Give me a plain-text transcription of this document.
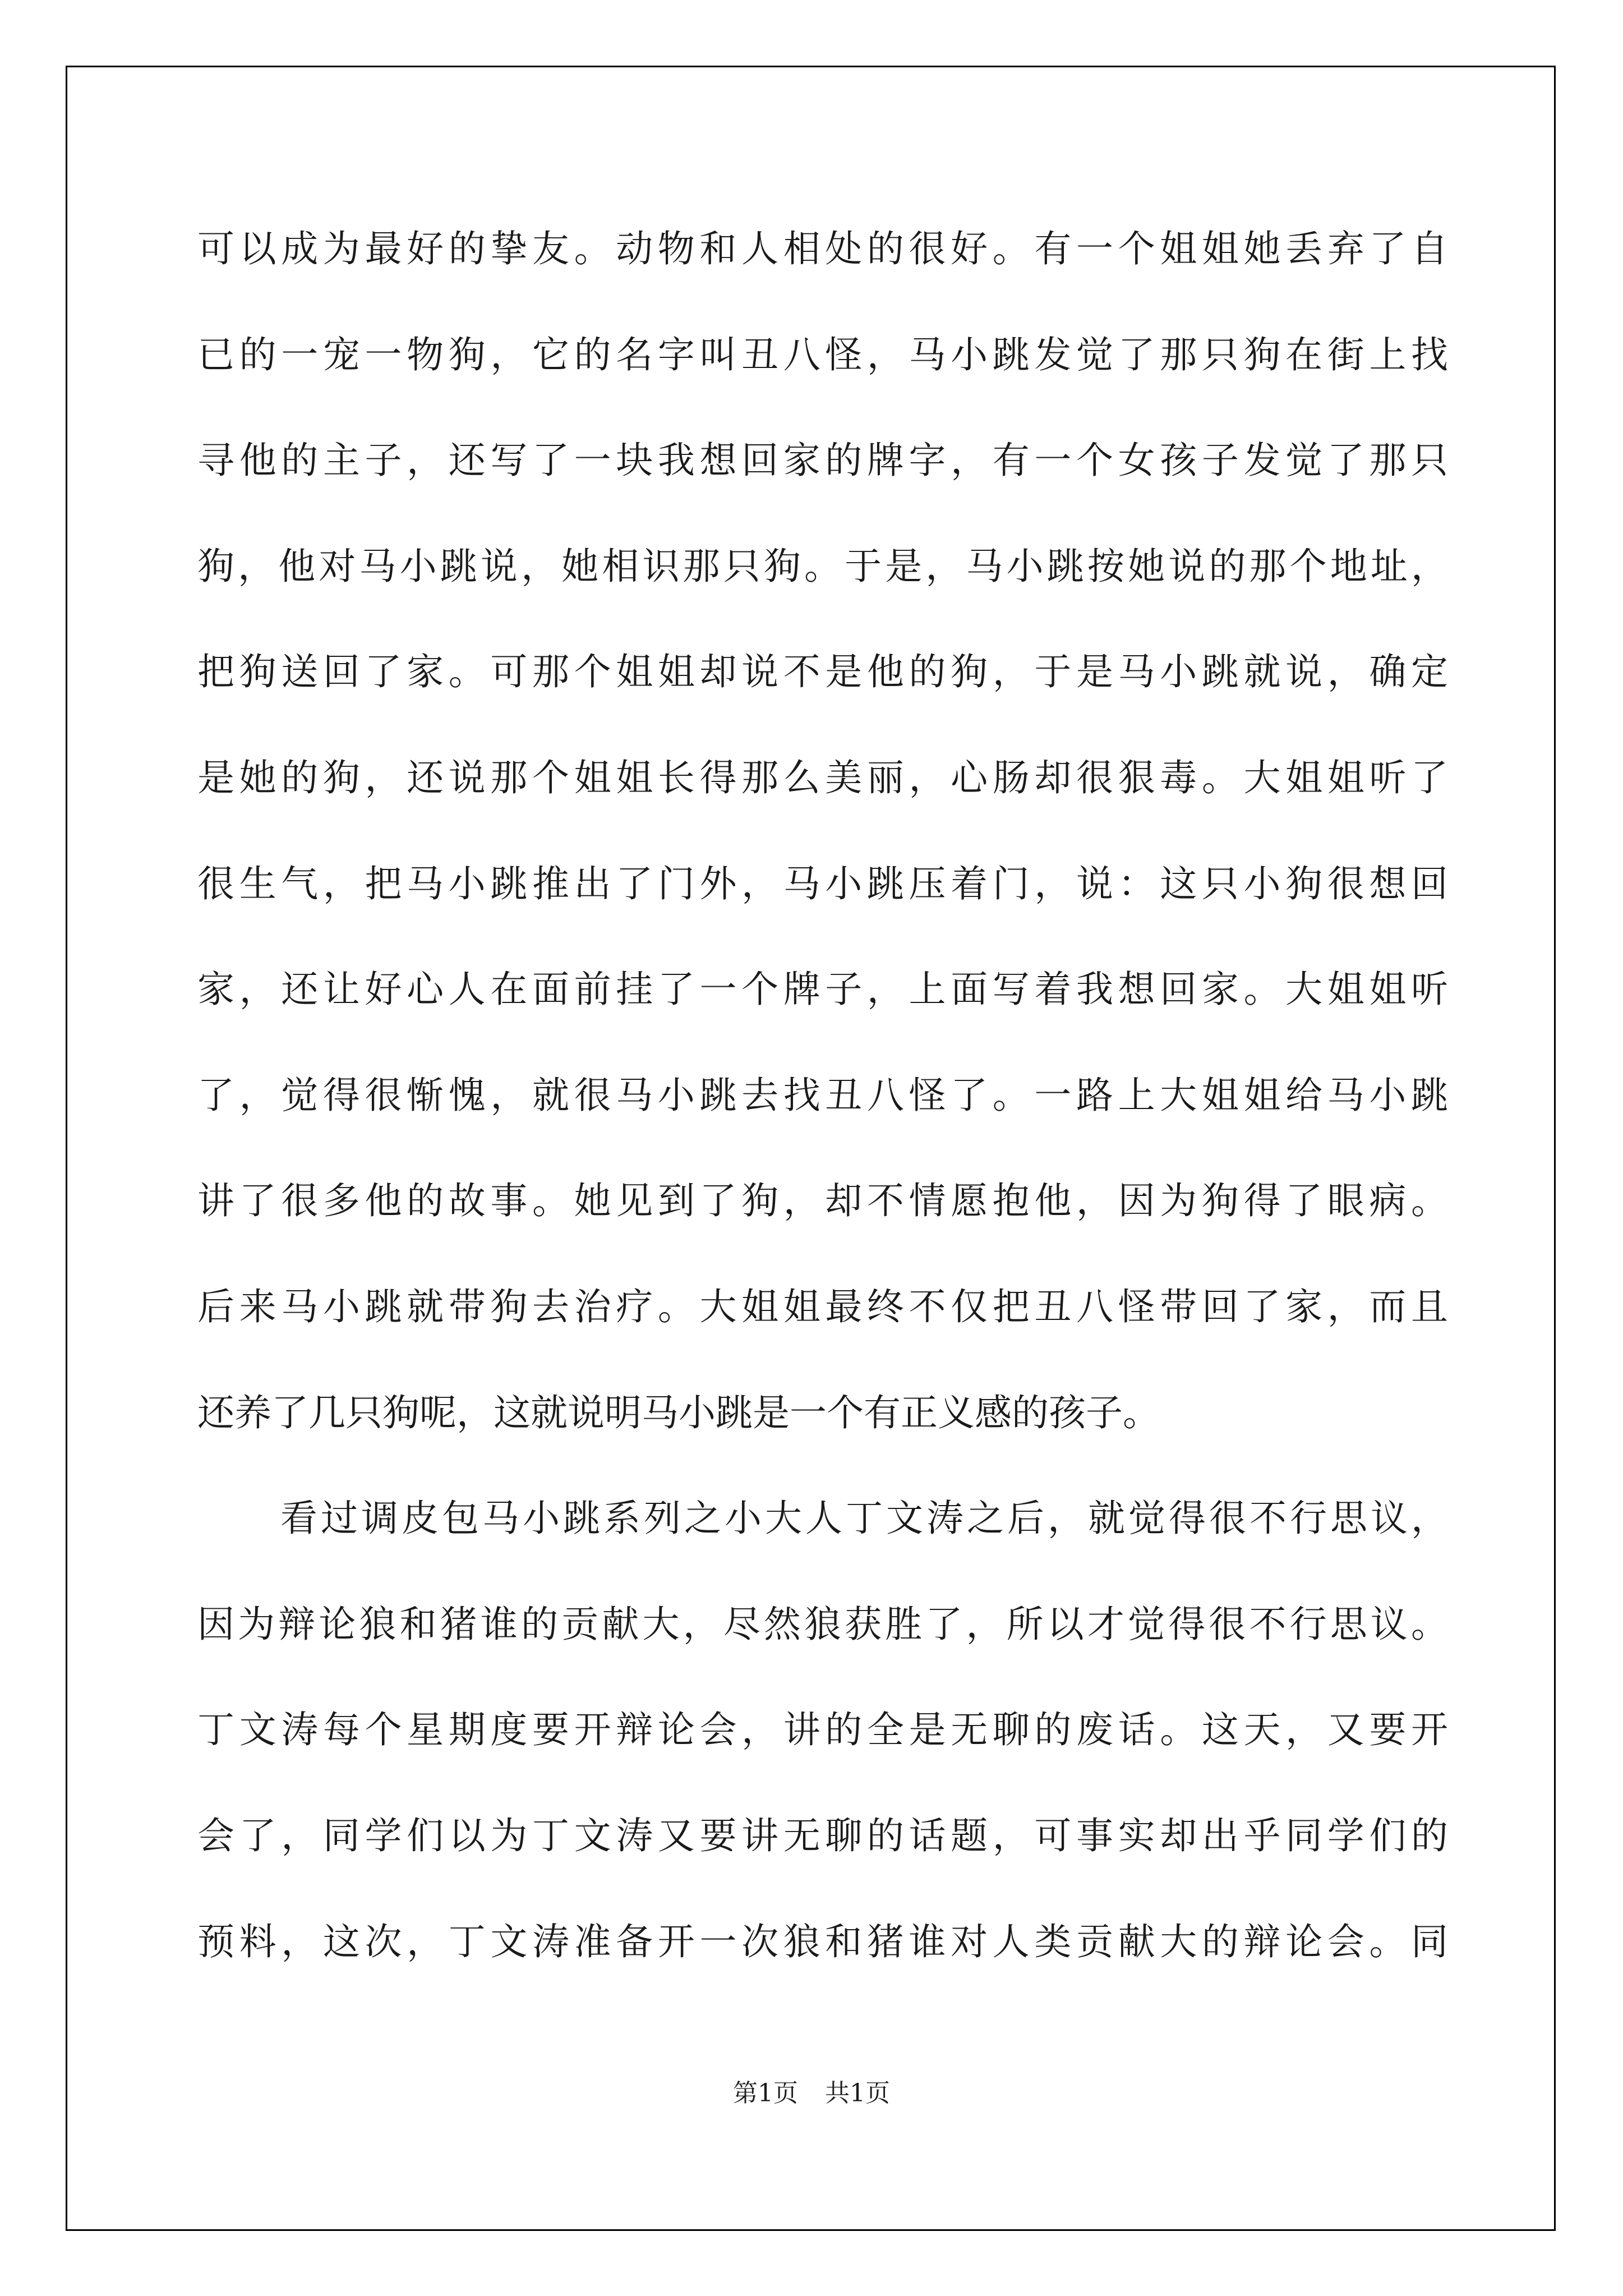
可以成为最好的挚友。动物和人相处的很好。有一个姐姐她丢弃了自
已的一宠一物狗，它的名字叫丑八怪，马小跳发觉了那只狗在街上找
寻他的主子，还写了一块我想回家的牌字，有一个女孩子发觉了那只
狗，他对马小跳说，她相识那只狗。于是，马小跳按她说的那个地址，
把狗送回了家。可那个姐姐却说不是他的狗，于是马小跳就说，确定
是她的狗，还说那个姐姐长得那么美丽，心肠却很狠毒。大姐姐听了
很生气，把马小跳推出了门外，马小跳压着门，说：这只小狗很想回
家，还让好心人在面前挂了一个牌子，上面写着我想回家。大姐姐听
了，觉得很惭愧，就很马小跳去找丑八怪了。一路上大姐姐给马小跳
讲了很多他的故事。她见到了狗，却不情愿抱他，因为狗得了眼病。
后来马小跳就带狗去治疗。大姐姐最终不仅把丑八怪带回了家，而且
还养了几只狗呢，这就说明马小跳是一个有正义感的孩子。
看过调皮包马小跳系列之小大人丁文涛之后，就觉得很不行思议，
因为辩论狼和猪谁的贡献大，尽然狼获胜了，所以才觉得很不行思议。
丁文涛每个星期度要开辩论会，讲的全是无聊的废话。这天，又要开
会了，同学们以为丁文涛又要讲无聊的话题，可事实却出乎同学们的
预料，这次，丁文涛准备开一次狼和猪谁对人类贡献大的辩论会。同
第1页 共1页
